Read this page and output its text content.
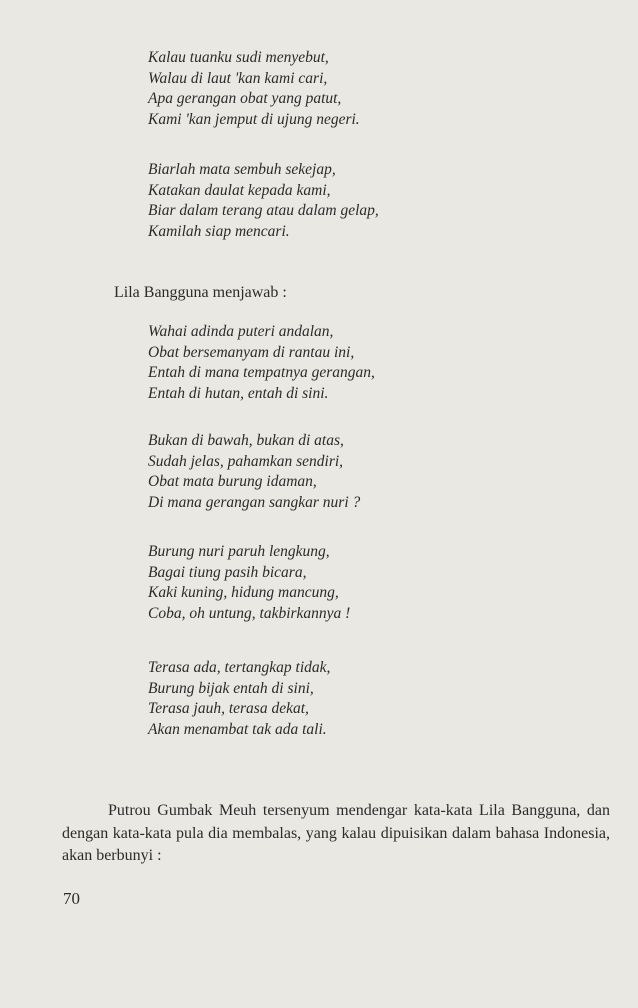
Kalau tuanku sudi menyebut,
Walau di laut 'kan kami cari,
Apa gerangan obat yang patut,
Kami 'kan jemput di ujung negeri.
Biarlah mata sembuh sekejap,
Katakan daulat kepada kami,
Biar dalam terang atau dalam gelap,
Kamilah siap mencari.
Lila Bangguna menjawab :
Wahai adinda puteri andalan,
Obat bersemanyam di rantau ini,
Entah di mana tempatnya gerangan,
Entah di hutan, entah di sini.
Bukan di bawah, bukan di atas,
Sudah jelas, pahamkan sendiri,
Obat mata burung idaman,
Di mana gerangan sangkar nuri ?
Burung nuri paruh lengkung,
Bagai tiung pasih bicara,
Kaki kuning, hidung mancung,
Coba, oh untung, takbirkannya !
Terasa ada, tertangkap tidak,
Burung bijak entah di sini,
Terasa jauh, terasa dekat,
Akan menambat tak ada tali.

Putrou Gumbak Meuh tersenyum mendengar kata-kata Lila Bangguna, dan dengan kata-kata pula dia membalas, yang kalau dipuisikan dalam bahasa Indonesia, akan berbunyi :

70
